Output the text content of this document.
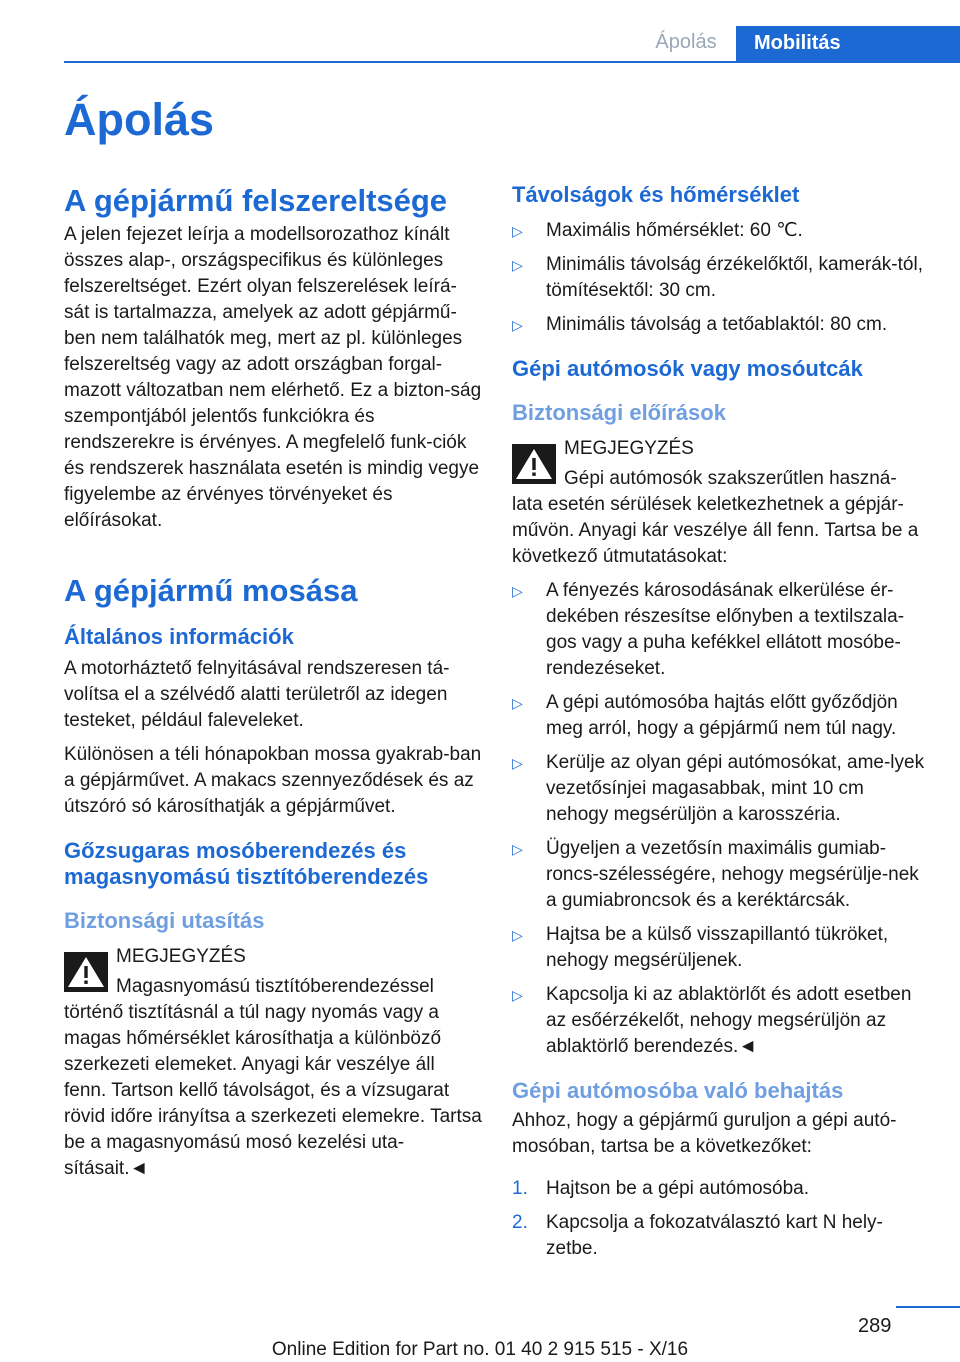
Ápolás	Mobilitás
Ápolás
A gépjármű felszereltsége

A jelen fejezet leírja a modellsorozathoz kínált összes alap-, országspecifikus és különleges felszereltséget. Ezért olyan felszerelések leírá-sát is tartalmazza, amelyek az adott gépjármű-ben nem találhatók meg, mert az pl. különleges felszereltség vagy az adott országban forgal-mazott változatban nem elérhető. Ez a bizton-ság szempontjából jelentős funkciókra és rendszerekre is érvényes. A megfelelő funk-ciók és rendszerek használata esetén is mindig vegye figyelembe az érvényes törvényeket és előírásokat.

A gépjármű mosása
Általános információk

A motorháztető felnyitásával rendszeresen tá-volítsa el a szélvédő alatti területről az idegen testeket, például faleveleket.

Különösen a téli hónapokban mossa gyakrab-ban a gépjárművet. A makacs szennyeződések és az útszóró só károsíthatják a gépjárművet.

Gőzsugaras mosóberendezés és magasnyomású tisztítóberendezés
Biztonsági utasítás

MEGJEGYZÉS

Magasnyomású tisztítóberendezéssel

történő tisztításnál a túl nagy nyomás vagy a magas hőmérséklet károsíthatja a különböző szerkezeti elemeket. Anyagi kár veszélye áll fenn. Tartson kellő távolságot, és a vízsugarat rövid időre irányítsa a szerkezeti elemekre. Tartsa be a magasnyomású mosó kezelési uta-sításait.◄

Távolságok és hőmérséklet
▷ Maximális hőmérséklet: 60 ℃.
▷ Minimális távolság érzékelőktől, kamerák-tól, tömítésektől: 30 cm.
▷ Minimális távolság a tetőablaktól: 80 cm.
Gépi autómosók vagy mosóutcák
Biztonsági előírások

MEGJEGYZÉS

Gépi autómosók szakszerűtlen haszná-

lata esetén sérülések keletkezhetnek a gépjár-művön. Anyagi kár veszélye áll fenn. Tartsa be a következő útmutatásokat:

▷ A fényezés károsodásának elkerülése ér-dekében részesítse előnyben a textilszala-gos vagy a puha kefékkel ellátott mosóbe-rendezéseket.
▷ A gépi autómosóba hajtás előtt győződjön meg arról, hogy a gépjármű nem túl nagy.
▷ Kerülje az olyan gépi autómosókat, ame-lyek vezetősínjei magasabbak, mint 10 cm nehogy megsérüljön a karosszéria.
▷ Ügyeljen a vezetősín maximális gumiab-roncs-szélességére, nehogy megsérülje-nek a gumiabroncsok és a keréktárcsák.
▷ Hajtsa be a külső visszapillantó tükröket, nehogy megsérüljenek.
▷ Kapcsolja ki az ablaktörlőt és adott esetben az esőérzékelőt, nehogy megsérüljön az ablaktörlő berendezés.◄
Gépi autómosóba való behajtás

Ahhoz, hogy a gépjármű guruljon a gépi autó-mosóban, tartsa be a következőket:

1. Hajtson be a gépi autómosóba.
2. Kapcsolja a fokozatválasztó kart N hely-zetbe.
289
Online Edition for Part no. 01 40 2 915 515 - X/16
